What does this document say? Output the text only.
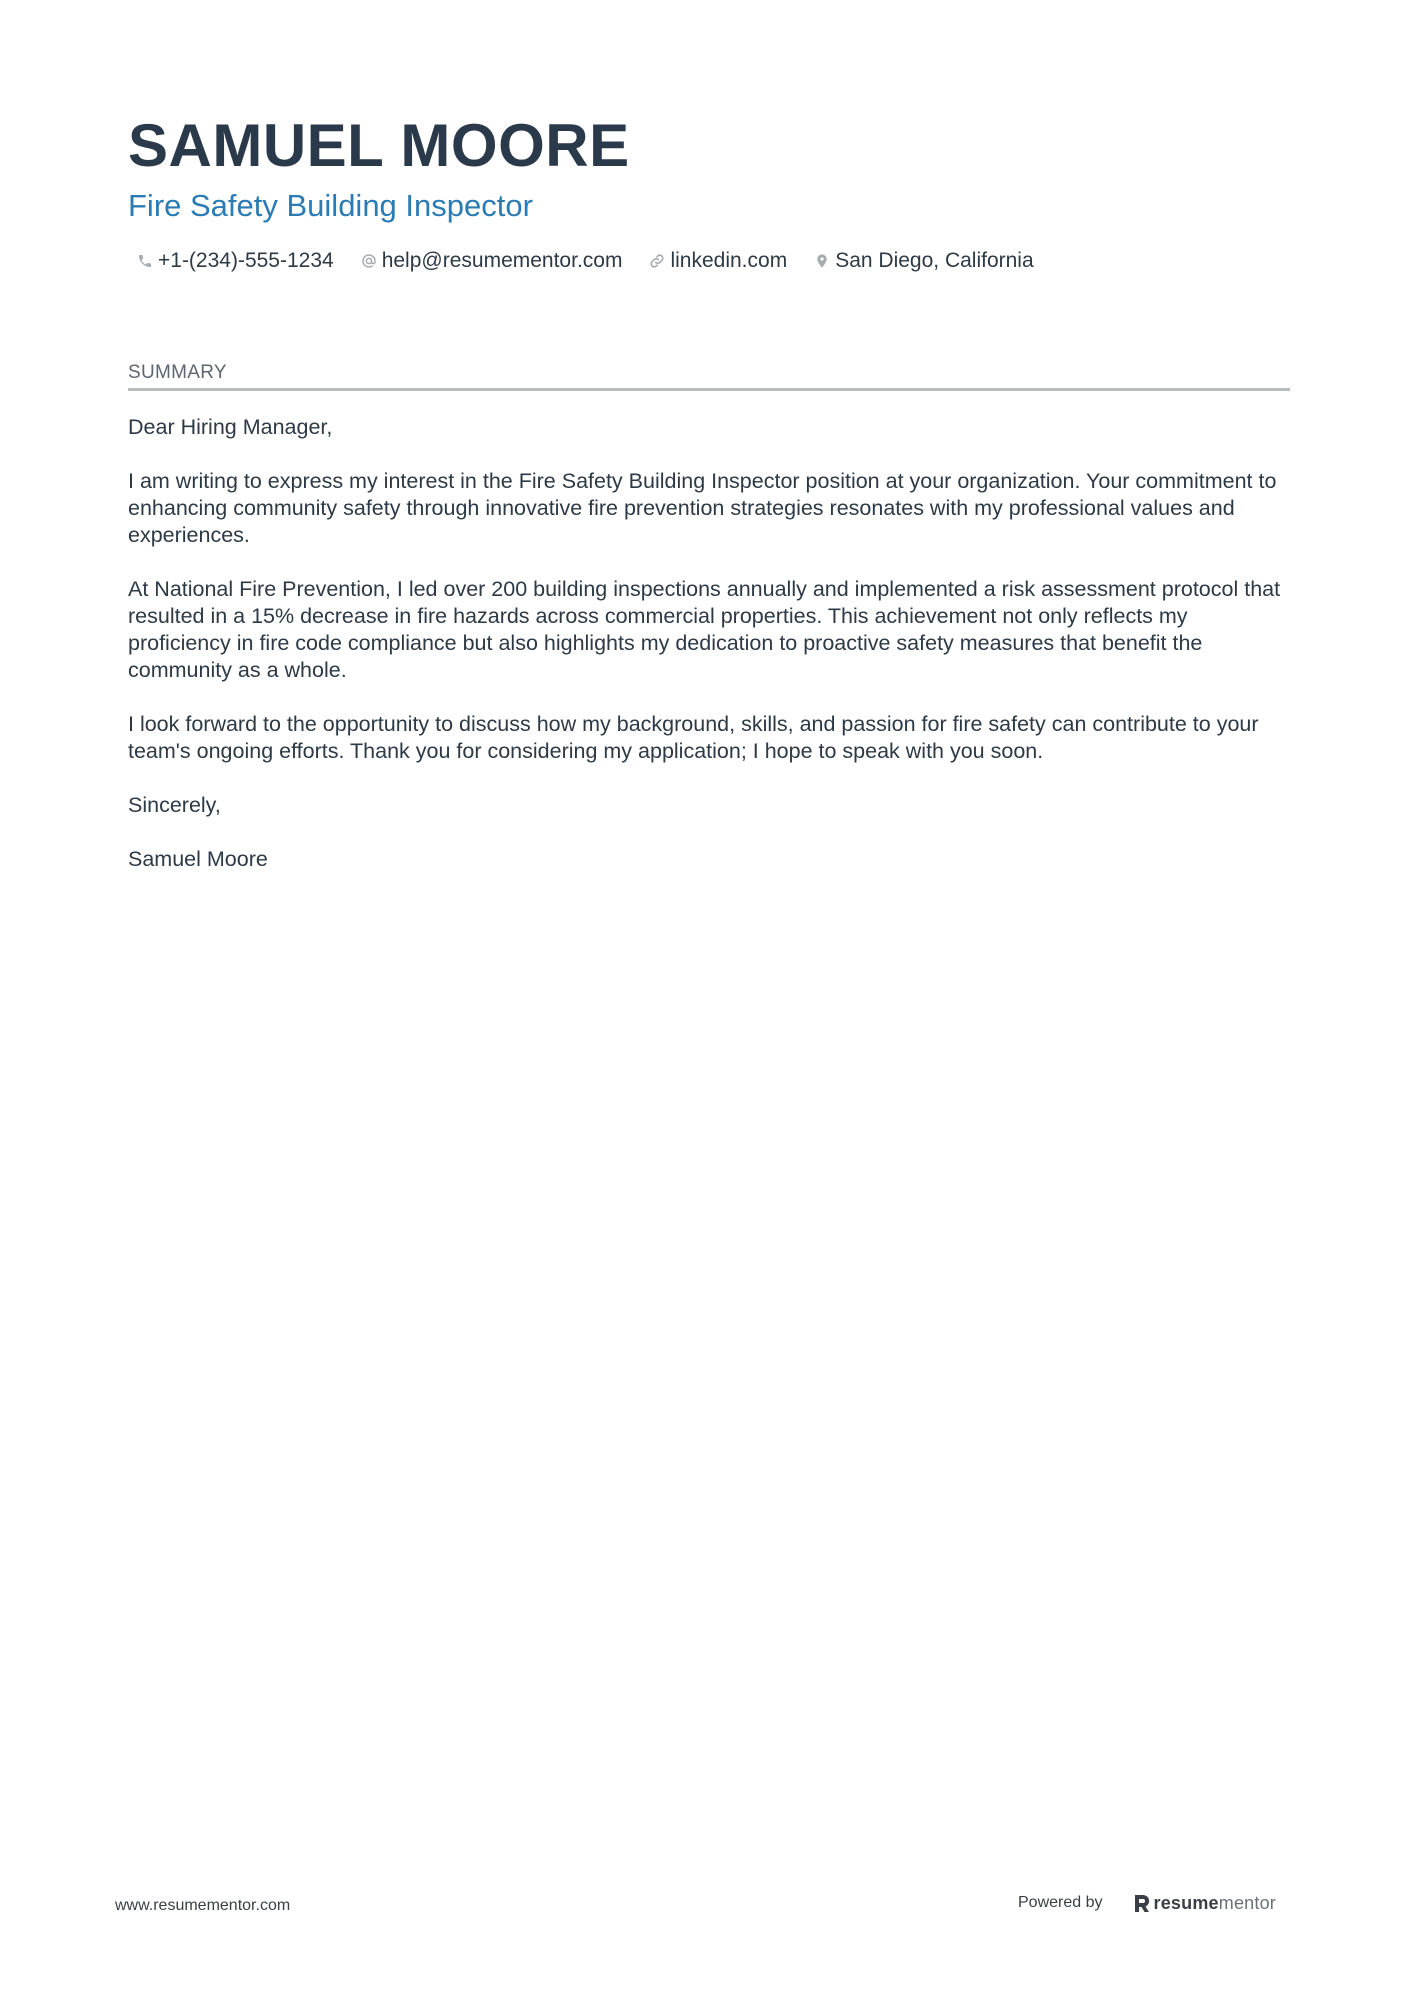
SAMUEL MOORE
Fire Safety Building Inspector
+1-(234)-555-1234 help@resumementor.com linkedin.com San Diego, California
SUMMARY

Dear Hiring Manager,

I am writing to express my interest in the Fire Safety Building Inspector position at your organization. Your commitment to enhancing community safety through innovative fire prevention strategies resonates with my professional values and experiences.

At National Fire Prevention, I led over 200 building inspections annually and implemented a risk assessment protocol that resulted in a 15% decrease in fire hazards across commercial properties. This achievement not only reflects my proficiency in fire code compliance but also highlights my dedication to proactive safety measures that benefit the community as a whole.

I look forward to the opportunity to discuss how my background, skills, and passion for fire safety can contribute to your team's ongoing efforts. Thank you for considering my application; I hope to speak with you soon.

Sincerely,

Samuel Moore

www.resumementor.com	Powered by	resume mentor
